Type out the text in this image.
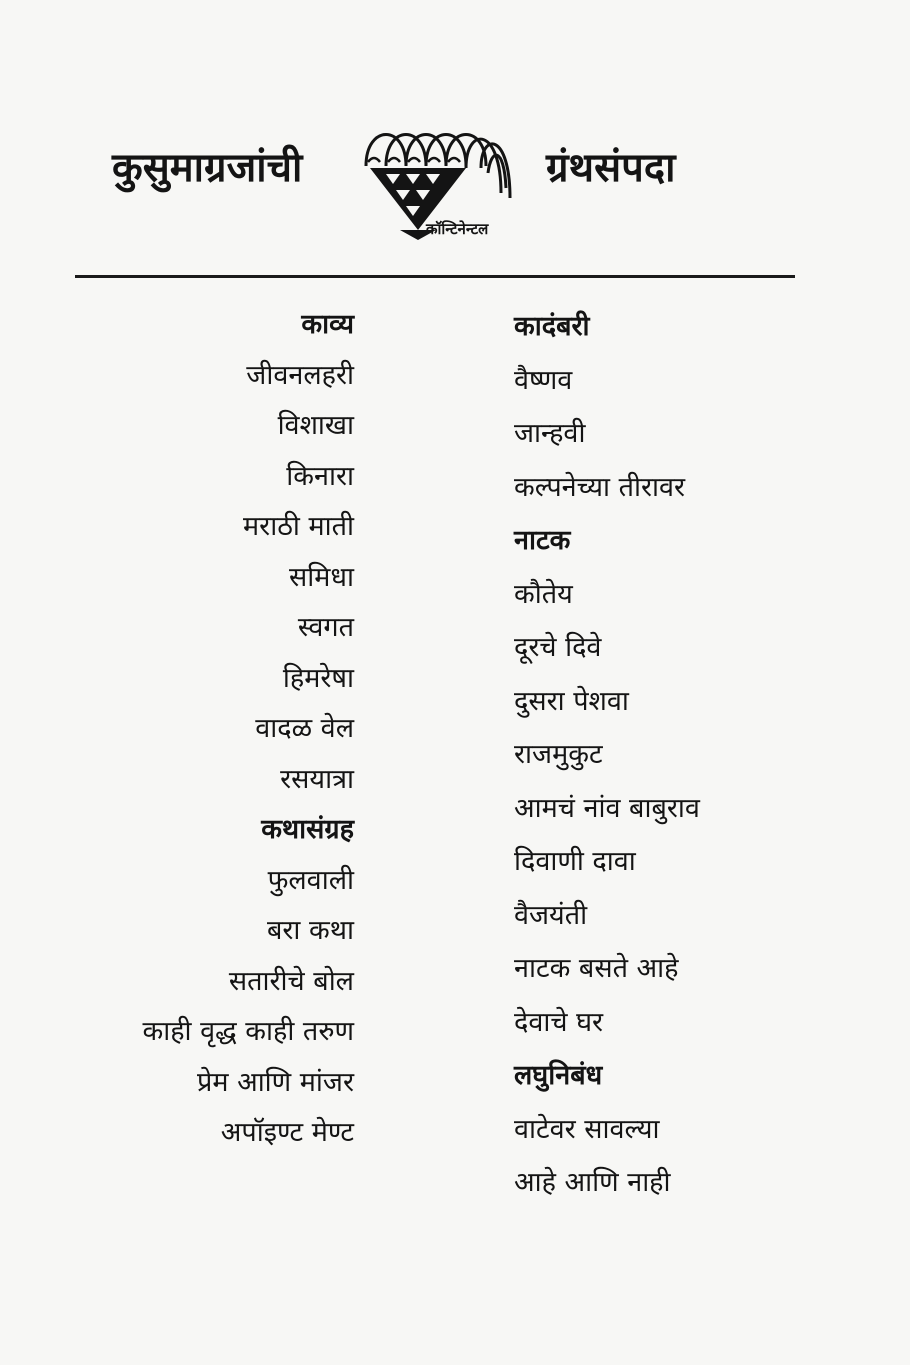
कुसुमाग्रजांची
कॉन्टिनेन्टल
ग्रंथसंपदा
काव्य
जीवनलहरी
विशाखा
किनारा
मराठी माती
समिधा
स्वगत
हिमरेषा
वादळ वेल
रसयात्रा
कथासंग्रह
फुलवाली
बरा कथा
सतारीचे बोल
काही वृद्ध काही तरुण
प्रेम आणि मांजर
अपॉइण्ट मेण्ट
कादंबरी
वैष्णव
जान्हवी
कल्पनेच्या तीरावर
नाटक
कौतेय
दूरचे दिवे
दुसरा पेशवा
राजमुकुट
आमचं नांव बाबुराव
दिवाणी दावा
वैजयंती
नाटक बसते आहे
देवाचे घर
लघुनिबंध
वाटेवर सावल्या
आहे आणि नाही
